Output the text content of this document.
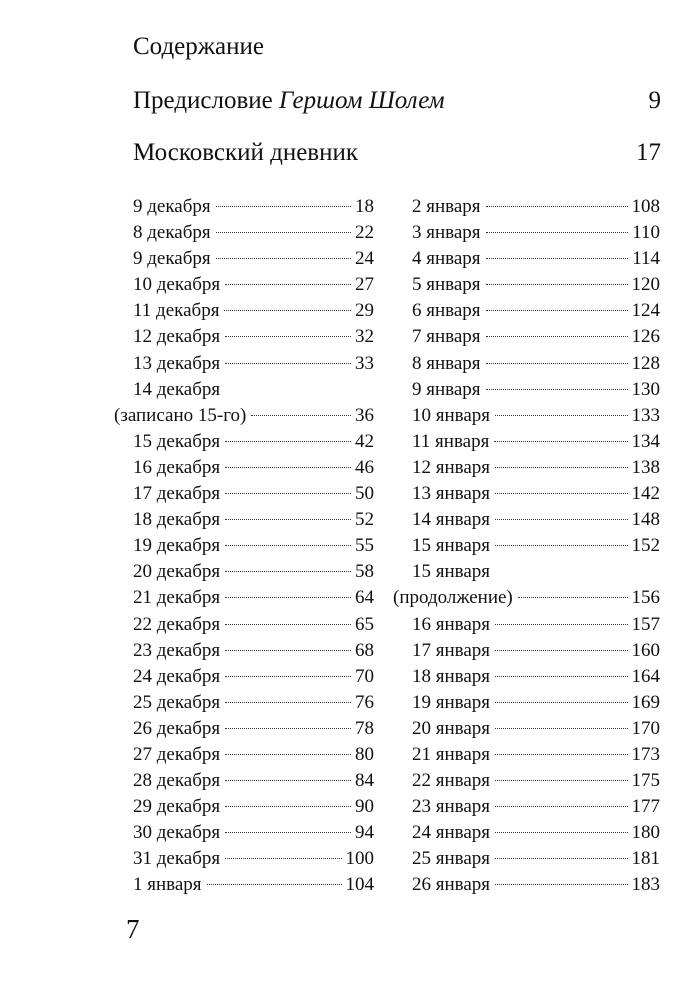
Содержание
Предисловие Гершом Шолем	9
Московский дневник	17
9 декабря	18
8 декабря	22
9 декабря	24
10 декабря	27
11 декабря	29
12 декабря	32
13 декабря	33
14 декабря
(записано 15-го)	36
15 декабря	42
16 декабря	46
17 декабря	50
18 декабря	52
19 декабря	55
20 декабря	58
21 декабря	64
22 декабря	65
23 декабря	68
24 декабря	70
25 декабря	76
26 декабря	78
27 декабря	80
28 декабря	84
29 декабря	90
30 декабря	94
31 декабря	100
1 января	104
2 января	108
3 января	110
4 января	114
5 января	120
6 января	124
7 января	126
8 января	128
9 января	130
10 января	133
11 января	134
12 января	138
13 января	142
14 января	148
15 января	152
15 января
(продолжение)	156
16 января	157
17 января	160
18 января	164
19 января	169
20 января	170
21 января	173
22 января	175
23 января	177
24 января	180
25 января	181
26 января	183
7
